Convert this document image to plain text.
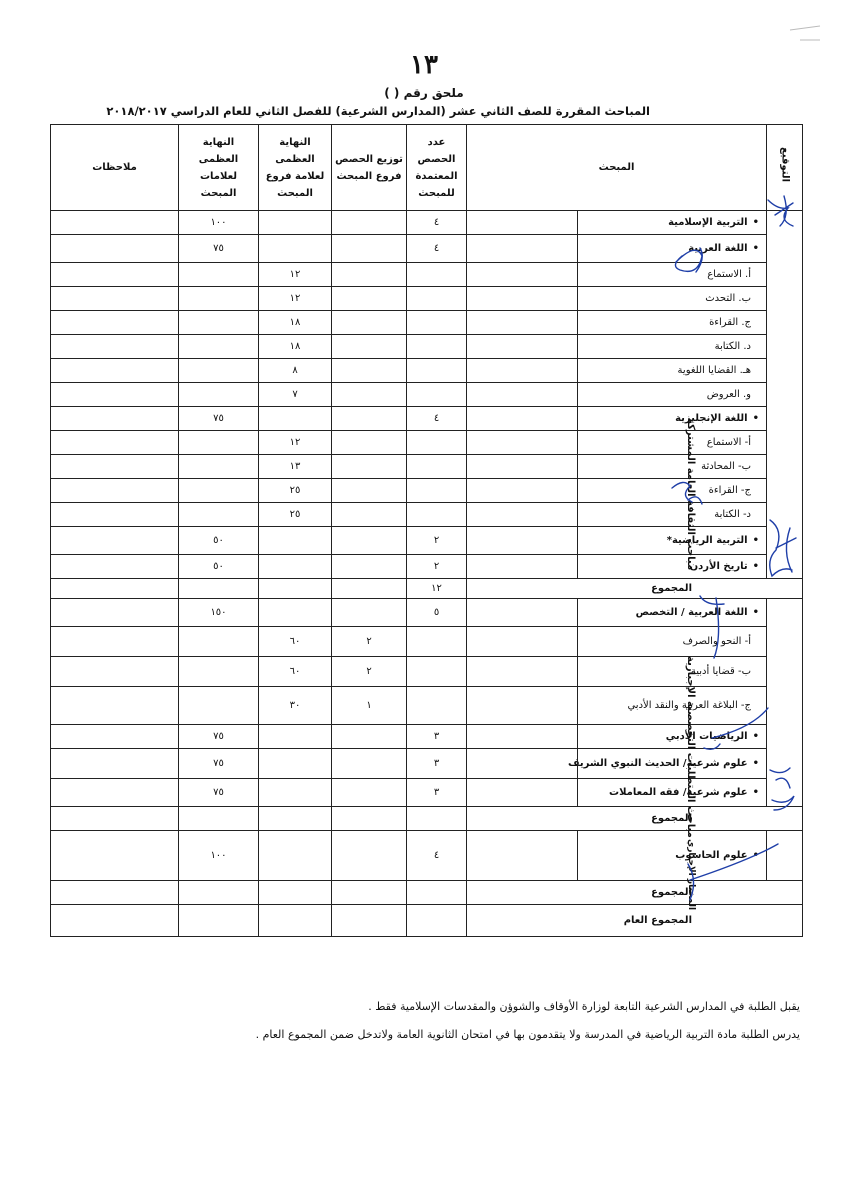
١٣
ملحق رقم ( )
المباحث المقررة للصف الثاني عشر (المدارس الشرعية) للفصل الثاني للعام الدراسي ٢٠١٨/٢٠١٧
التوقيع	المبحث	عدد الحصص المعتمدة للمبحث	توزيع الحصص فروع المبحث	النهاية العظمى لعلامة فروع المبحث	النهاية العظمى لعلامات المبحث	ملاحظات
	• التربية الإسلامية	٤			١٠٠	
	• اللغة العربية	٤			٧٥	
	أ. الاستماع			١٢		
	ب. التحدث			١٢		
	ج. القراءة			١٨		
	د. الكتابة			١٨		
	هـ. القضايا اللغوية			٨		
	و. العروض			٧		
	• اللغة الإنجليزية	٤			٧٥	
	أ- الاستماع			١٢		
	ب- المحادثة			١٣		
	ج- القراءة			٢٥		
	د- الكتابة			٢٥		
	• التربية الرياضية*	٢			٥٠	
	• تاريخ الأردن	٢			٥٠	
المجموع		١٢				
	• اللغة العربية / التخصص	٥			١٥٠	
	أ- النحو والصرف		٢	٦٠		
	ب- قضايا أدبية		٢	٦٠		
	ج- البلاغة العربية والنقد الأدبي		١	٣٠		
	• الرياضيات الأدبي	٣			٧٥	
	• علوم شرعية/ الحديث النبوي الشريف	٣			٧٥	
	• علوم شرعية/ فقه المعاملات	٣			٧٥	
المجموع						
	• علوم الحاسوب	٤			١٠٠	
المجموع						
المجموع العام						
مباحث الثقافة العامة المشتركة
مباحث المتطلبات التخصصية الإجبارية
المختار الإجباري
يقبل الطلبة في المدارس الشرعية التابعة لوزارة الأوقاف والشوؤن والمقدسات الإسلامية فقط .
يدرس الطلبة مادة التربية الرياضية في المدرسة ولا يتقدمون بها في امتحان الثانوية العامة ولاتدخل ضمن المجموع العام .
